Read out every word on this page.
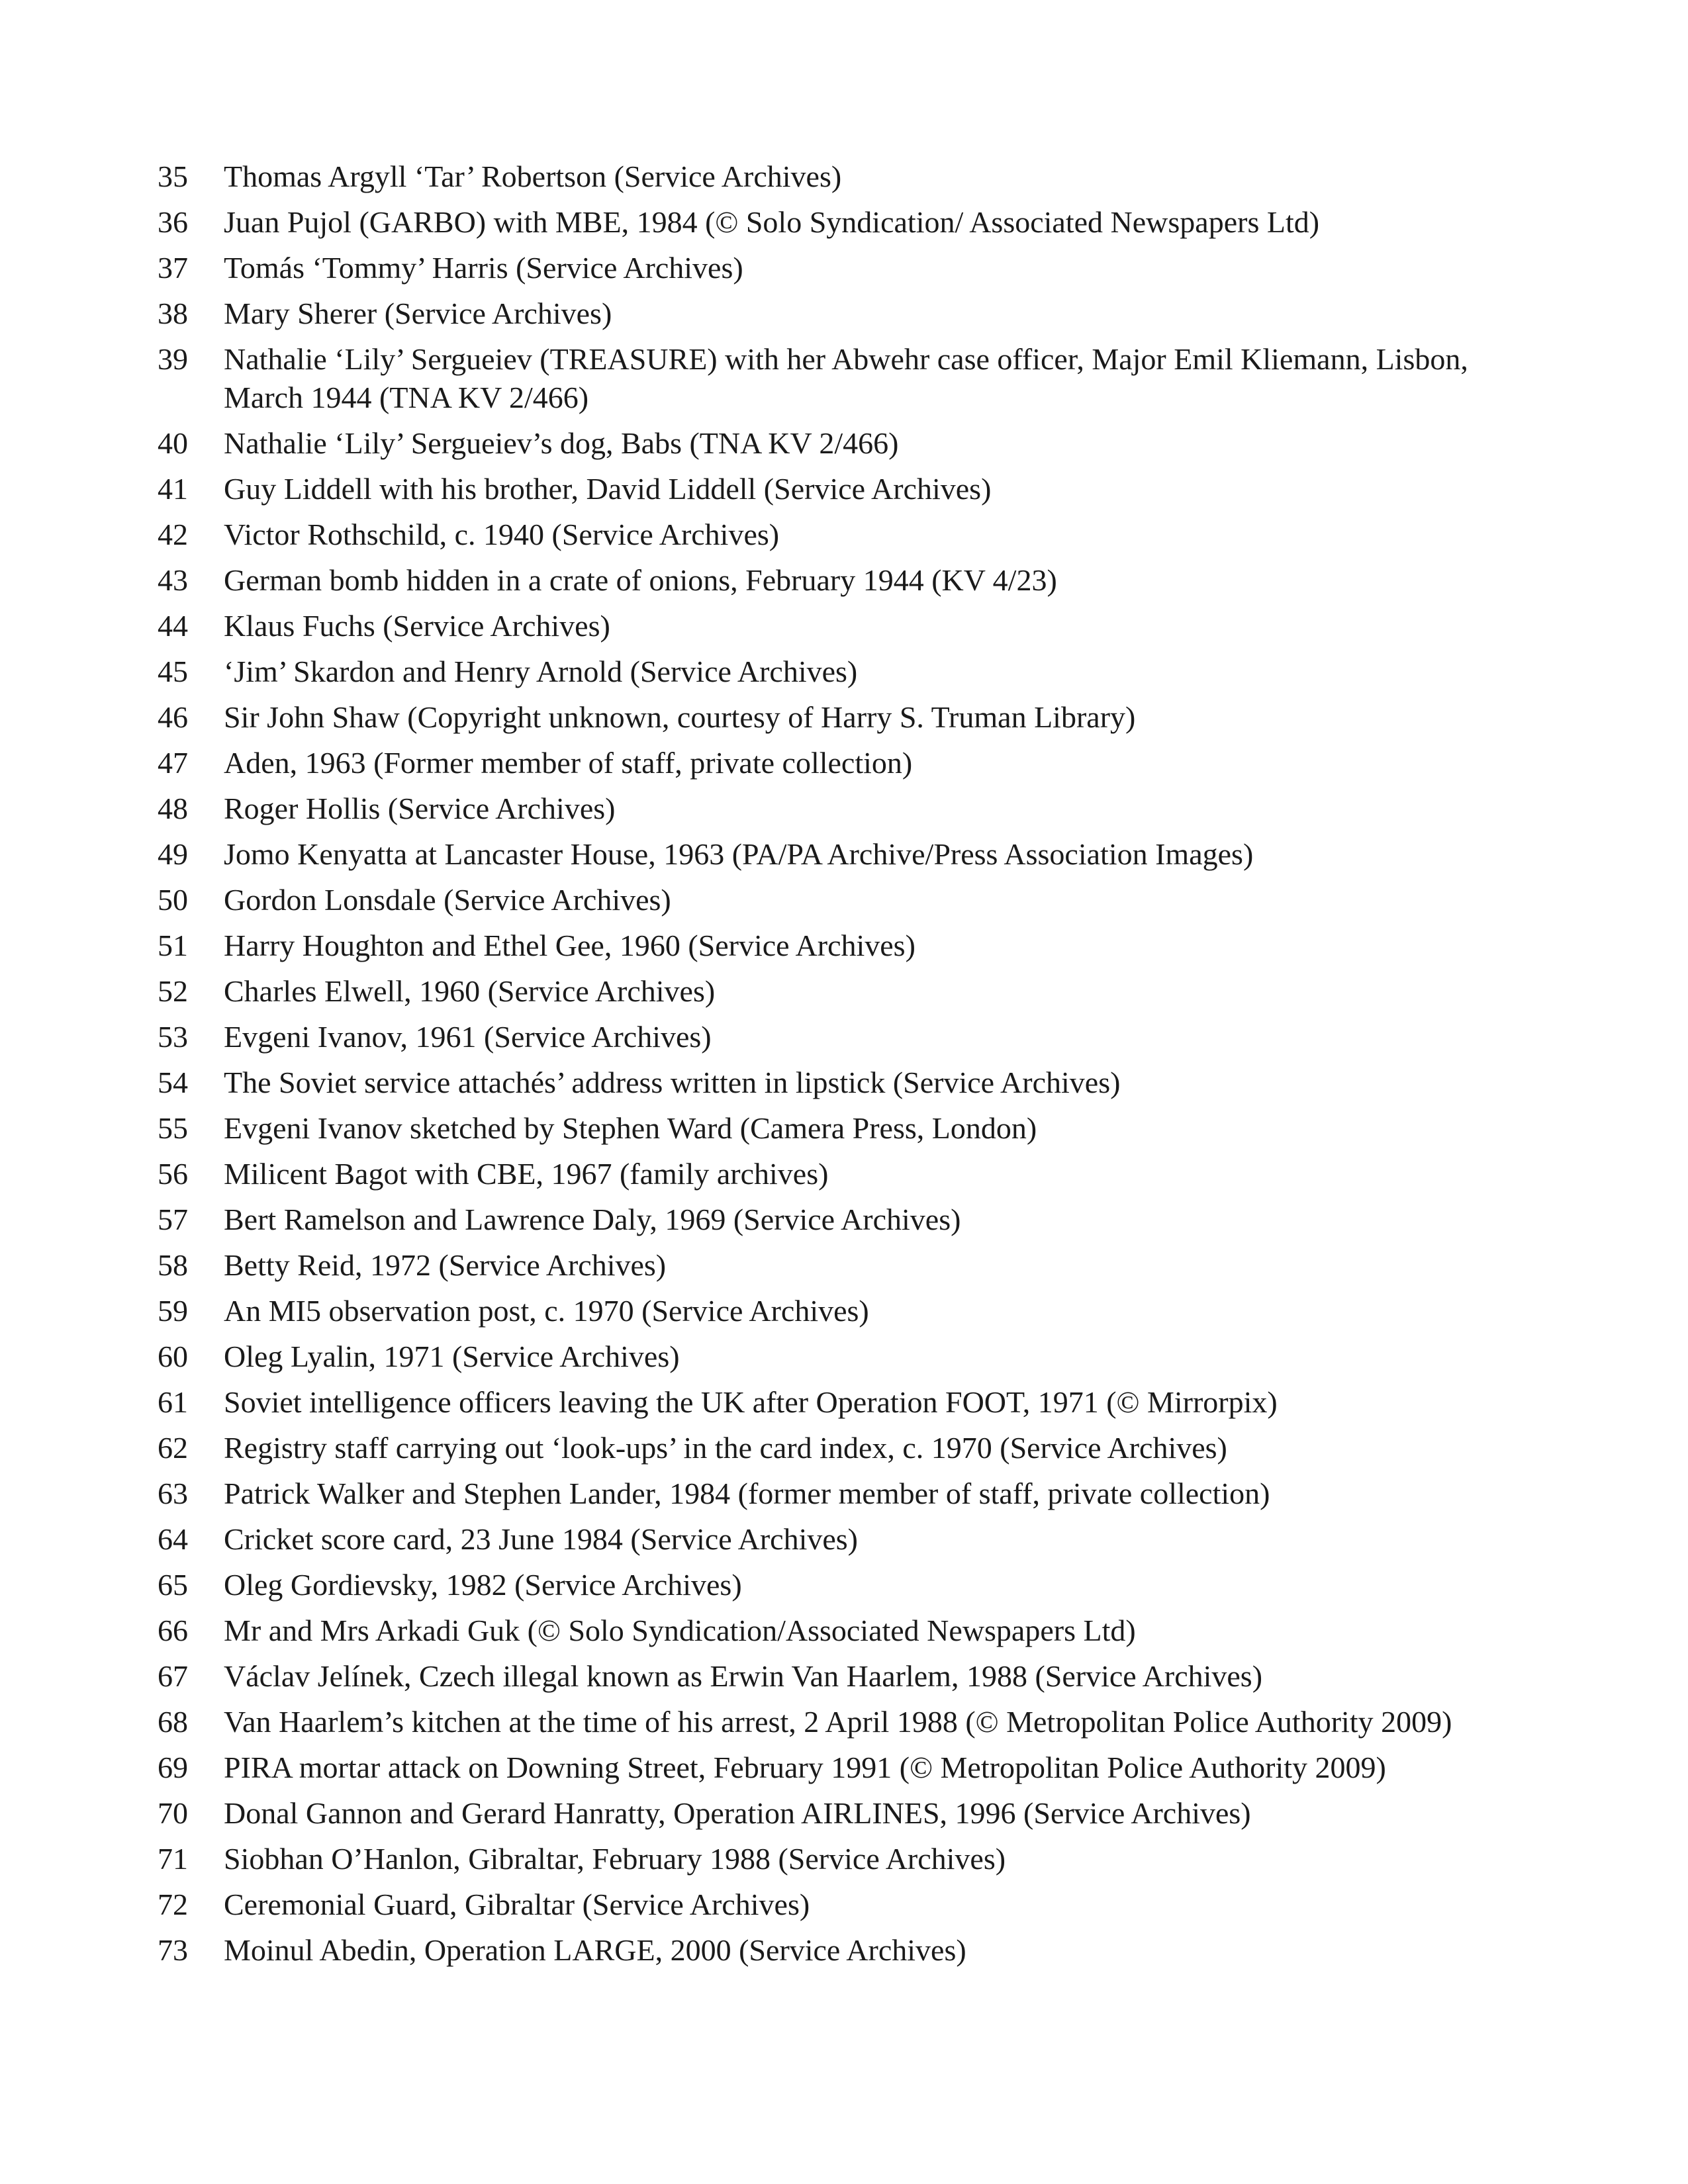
35	Thomas Argyll ‘Tar’ Robertson (Service Archives)
36	Juan Pujol (GARBO) with MBE, 1984 (© Solo Syndication/ Associated Newspapers Ltd)
37	Tomás ‘Tommy’ Harris (Service Archives)
38	Mary Sherer (Service Archives)
39	Nathalie ‘Lily’ Sergueiev (TREASURE) with her Abwehr case officer, Major Emil Kliemann, Lisbon, March 1944 (TNA KV 2/466)
40	Nathalie ‘Lily’ Sergueiev’s dog, Babs (TNA KV 2/466)
41	Guy Liddell with his brother, David Liddell (Service Archives)
42	Victor Rothschild, c. 1940 (Service Archives)
43	German bomb hidden in a crate of onions, February 1944 (KV 4/23)
44	Klaus Fuchs (Service Archives)
45	‘Jim’ Skardon and Henry Arnold (Service Archives)
46	Sir John Shaw (Copyright unknown, courtesy of Harry S. Truman Library)
47	Aden, 1963 (Former member of staff, private collection)
48	Roger Hollis (Service Archives)
49	Jomo Kenyatta at Lancaster House, 1963 (PA/PA Archive/Press Association Images)
50	Gordon Lonsdale (Service Archives)
51	Harry Houghton and Ethel Gee, 1960 (Service Archives)
52	Charles Elwell, 1960 (Service Archives)
53	Evgeni Ivanov, 1961 (Service Archives)
54	The Soviet service attachés’ address written in lipstick (Service Archives)
55	Evgeni Ivanov sketched by Stephen Ward (Camera Press, London)
56	Milicent Bagot with CBE, 1967 (family archives)
57	Bert Ramelson and Lawrence Daly, 1969 (Service Archives)
58	Betty Reid, 1972 (Service Archives)
59	An MI5 observation post, c. 1970 (Service Archives)
60	Oleg Lyalin, 1971 (Service Archives)
61	Soviet intelligence officers leaving the UK after Operation FOOT, 1971 (© Mirrorpix)
62	Registry staff carrying out ‘look-ups’ in the card index, c. 1970 (Service Archives)
63	Patrick Walker and Stephen Lander, 1984 (former member of staff, private collection)
64	Cricket score card, 23 June 1984 (Service Archives)
65	Oleg Gordievsky, 1982 (Service Archives)
66	Mr and Mrs Arkadi Guk (© Solo Syndication/Associated Newspapers Ltd)
67	Václav Jelínek, Czech illegal known as Erwin Van Haarlem, 1988 (Service Archives)
68	Van Haarlem’s kitchen at the time of his arrest, 2 April 1988 (© Metropolitan Police Authority 2009)
69	PIRA mortar attack on Downing Street, February 1991 (© Metropolitan Police Authority 2009)
70	Donal Gannon and Gerard Hanratty, Operation AIRLINES, 1996 (Service Archives)
71	Siobhan O’Hanlon, Gibraltar, February 1988 (Service Archives)
72	Ceremonial Guard, Gibraltar (Service Archives)
73	Moinul Abedin, Operation LARGE, 2000 (Service Archives)
